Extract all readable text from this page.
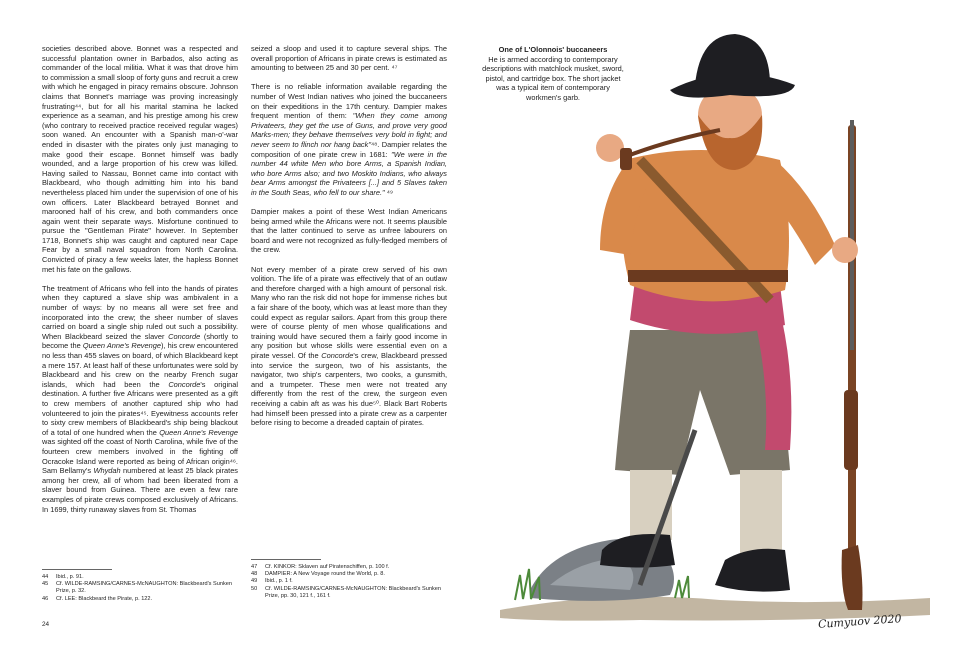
societies described above. Bonnet was a respected and successful plantation owner in Barbados, also acting as commander of the local militia. What it was that drove him to commission a small sloop of forty guns and recruit a crew with which he engaged in piracy remains obscure. Johnson claims that Bonnet's marriage was proving increasingly frustrating⁴⁴, but for all his marital stamina he lacked experience as a seaman, and his prestige among his crew (who contrary to received practice received regular wages) soon waned. An encounter with a Spanish man-o'-war ended in disaster with the pirates only just managing to make good their escape. Bonnet himself was badly wounded, and a large proportion of his crew was killed. Having sailed to Nassau, Bonnet came into contact with Blackbeard, who though admitting him into his band nevertheless placed him under the supervision of one of his own officers. Later Blackbeard betrayed Bonnet and marooned half of his crew, and both commanders once again went their separate ways. Misfortune continued to pursue the "Gentleman Pirate" however. In September 1718, Bonnet's ship was caught and captured near Cape Fear by a small naval squadron from North Carolina. Convicted of piracy a few weeks later, the hapless Bonnet met his fate on the gallows.

The treatment of Africans who fell into the hands of pirates when they captured a slave ship was ambivalent in a number of ways: by no means all were set free and incorporated into the crew; the sheer number of slaves carried on board a single ship ruled out such a possibility. When Blackbeard seized the slaver Concorde (shortly to become the Queen Anne's Revenge), his crew encountered no less than 455 slaves on board, of which Blackbeard kept a mere 157. At least half of these unfortunates were sold by Blackbeard and his crew on the nearby French sugar islands, which had been the Concorde's original destination. A further five Africans were presented as a gift to crew members of another captured ship who had volunteered to join the pirates⁴⁵. Eyewitness accounts refer to sixty crew members of Blackbeard's ship being blackout of a total of one hundred when the Queen Anne's Revenge was sighted off the coast of North Carolina, while five of the fourteen crew members involved in the fighting off Ocracoke Island were reported as being of African origin⁴⁶. Sam Bellamy's Whydah numbered at least 25 black pirates among her crew, all of whom had been liberated from a slaver bound from Guinea. There are even a few rare examples of pirate crews composed exclusively of Africans. In 1699, thirty runaway slaves from St. Thomas

seized a sloop and used it to capture several ships. The overall proportion of Africans in pirate crews is estimated as amounting to between 25 and 30 per cent. ⁴⁷

There is no reliable information available regarding the number of West Indian natives who joined the buccaneers on their expeditions in the 17th century. Dampier makes frequent mention of them: "When they come among Privateers, they get the use of Guns, and prove very good Marks-men; they behave themselves very bold in fight; and never seem to flinch nor hang back"⁴⁸. Dampier relates the composition of one pirate crew in 1681: "We were in the number 44 white Men who bore Arms, a Spanish Indian, who bore Arms also; and two Moskito Indians, who always bear Arms amongst the Privateers [...] and 5 Slaves taken in the South Seas, who fell to our share." ⁴⁹

Dampier makes a point of these West Indian Americans being armed while the Africans were not. It seems plausible that the latter continued to serve as unfree labourers on board and were not recognized as fully-fledged members of the crew.

Not every member of a pirate crew served of his own volition. The life of a pirate was effectively that of an outlaw and therefore charged with a high amount of personal risk. Many who ran the risk did not hope for immense riches but a fair share of the booty, which was at least more than they could expect as regular sailors. Apart from this group there were of course plenty of men whose qualifications and training would have secured them a fairly good income in any position but whose skills were essential even on a pirate vessel. Of the Concorde's crew, Blackbeard pressed into service the surgeon, two of his assistants, the navigator, two ship's carpenters, two cooks, a gunsmith, and a trumpeter. These men were not treated any differently from the rest of the crew, the surgeon even receiving a cabin aft as was his due⁵⁰. Black Bart Roberts had himself been pressed into a pirate crew as a carpenter before rising to become a dreaded captain of pirates.

44	Ibid., p. 91.
45	Cf. WILDE-RAMSING/CARNES-McNAUGHTON: Blackbeard's Sunken Prize, p. 32.
46	Cf. LEE: Blackbeard the Pirate, p. 122.
47	Cf. KINKOR: Sklaven auf Piratenschiffen, p. 100 f.
48	DAMPIER: A New Voyage round the World, p. 8.
49	Ibid., p. 1 f.
50	Cf. WILDE-RAMSING/CARNES-McNAUGHTON: Blackbeard's Sunken Prize, pp. 30, 121 f., 161 f.
24
One of L'Olonnois' buccaneers
He is armed according to contemporary descriptions with matchlock musket, sword, pistol, and cartridge box. The short jacket was a typical item of contemporary workmen's garb.
Cumyuov 2020
